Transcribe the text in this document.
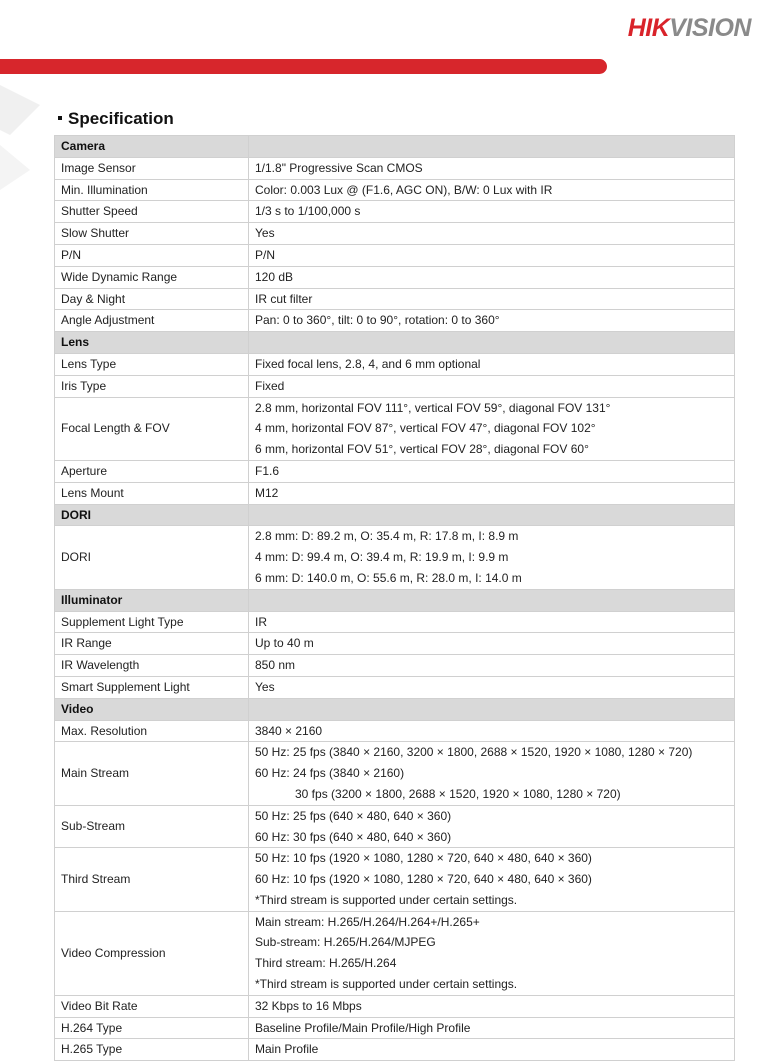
HIKVISION
Specification
Camera	
Image Sensor	1/1.8" Progressive Scan CMOS

Min. Illumination	Color: 0.003 Lux @ (F1.6, AGC ON), B/W: 0 Lux with IR

Shutter Speed	1/3 s to 1/100,000 s

Slow Shutter	Yes

P/N	P/N

Wide Dynamic Range	120 dB

Day & Night	IR cut filter

Angle Adjustment	Pan: 0 to 360°, tilt: 0 to 90°, rotation: 0 to 360°

Lens	
Lens Type	Fixed focal lens, 2.8, 4, and 6 mm optional

Iris Type	Fixed

Focal Length & FOV	2.8 mm, horizontal FOV 111°, vertical FOV 59°, diagonal FOV 131°
4 mm, horizontal FOV 87°, vertical FOV 47°, diagonal FOV 102°
6 mm, horizontal FOV 51°, vertical FOV 28°, diagonal FOV 60°

Aperture	F1.6

Lens Mount	M12

DORI	
DORI	2.8 mm: D: 89.2 m, O: 35.4 m, R: 17.8 m, I: 8.9 m
4 mm: D: 99.4 m, O: 39.4 m, R: 19.9 m, I: 9.9 m
6 mm: D: 140.0 m, O: 55.6 m, R: 28.0 m, I: 14.0 m

Illuminator	
Supplement Light Type	IR

IR Range	Up to 40 m

IR Wavelength	850 nm

Smart Supplement Light	Yes

Video	
Max. Resolution	3840 × 2160

Main Stream	50 Hz: 25 fps (3840 × 2160, 3200 × 1800, 2688 × 1520, 1920 × 1080, 1280 × 720)
60 Hz: 24 fps (3840 × 2160)
30 fps (3200 × 1800, 2688 × 1520, 1920 × 1080, 1280 × 720)

Sub-Stream	50 Hz: 25 fps (640 × 480, 640 × 360)
60 Hz: 30 fps (640 × 480, 640 × 360)

Third Stream	50 Hz: 10 fps (1920 × 1080, 1280 × 720, 640 × 480, 640 × 360)
60 Hz: 10 fps (1920 × 1080, 1280 × 720, 640 × 480, 640 × 360)
*Third stream is supported under certain settings.

Video Compression	Main stream: H.265/H.264/H.264+/H.265+
Sub-stream: H.265/H.264/MJPEG
Third stream: H.265/H.264
*Third stream is supported under certain settings.

Video Bit Rate	32 Kbps to 16 Mbps

H.264 Type	Baseline Profile/Main Profile/High Profile

H.265 Type	Main Profile
